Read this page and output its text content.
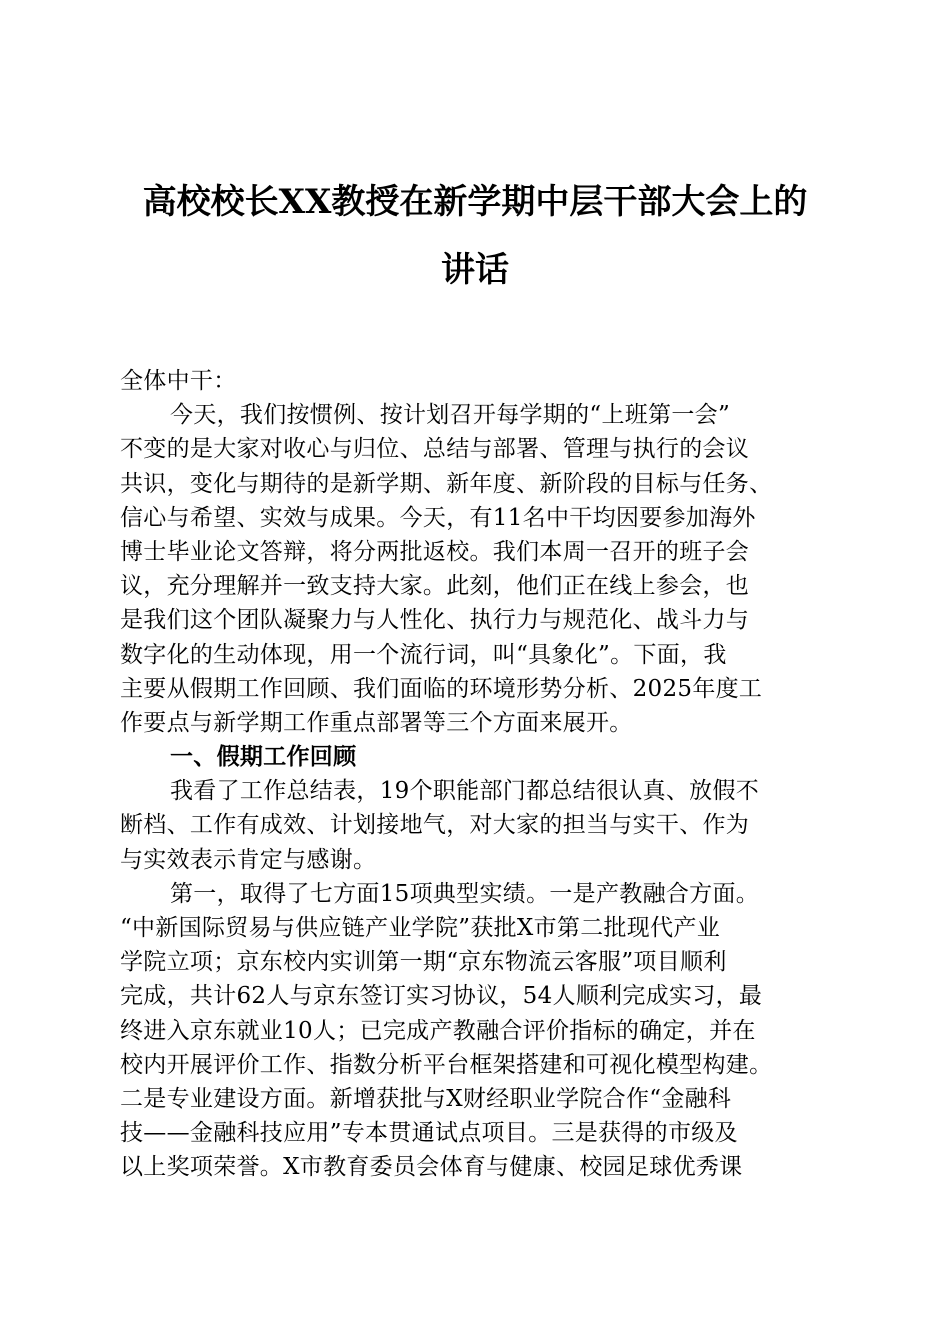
高校校长XX教授在新学期中层干部大会上的
讲话
全体中干：
今天，我们按惯例、按计划召开每学期的“上班第一会”
不变的是大家对收心与归位、总结与部署、管理与执行的会议
共识，变化与期待的是新学期、新年度、新阶段的目标与任务、
信心与希望、实效与成果。今天，有11名中干均因要参加海外
博士毕业论文答辩，将分两批返校。我们本周一召开的班子会
议，充分理解并一致支持大家。此刻，他们正在线上参会，也
是我们这个团队凝聚力与人性化、执行力与规范化、战斗力与
数字化的生动体现，用一个流行词，叫“具象化”。下面，我
主要从假期工作回顾、我们面临的环境形势分析、2025年度工
作要点与新学期工作重点部署等三个方面来展开。
一、假期工作回顾
我看了工作总结表，19个职能部门都总结很认真、放假不
断档、工作有成效、计划接地气，对大家的担当与实干、作为
与实效表示肯定与感谢。
第一，取得了七方面15项典型实绩。一是产教融合方面。
“中新国际贸易与供应链产业学院”获批X市第二批现代产业
学院立项；京东校内实训第一期“京东物流云客服”项目顺利
完成，共计62人与京东签订实习协议，54人顺利完成实习，最
终进入京东就业10人；已完成产教融合评价指标的确定，并在
校内开展评价工作、指数分析平台框架搭建和可视化模型构建。
二是专业建设方面。新增获批与X财经职业学院合作“金融科
技——金融科技应用”专本贯通试点项目。三是获得的市级及
以上奖项荣誉。X市教育委员会体育与健康、校园足球优秀课
